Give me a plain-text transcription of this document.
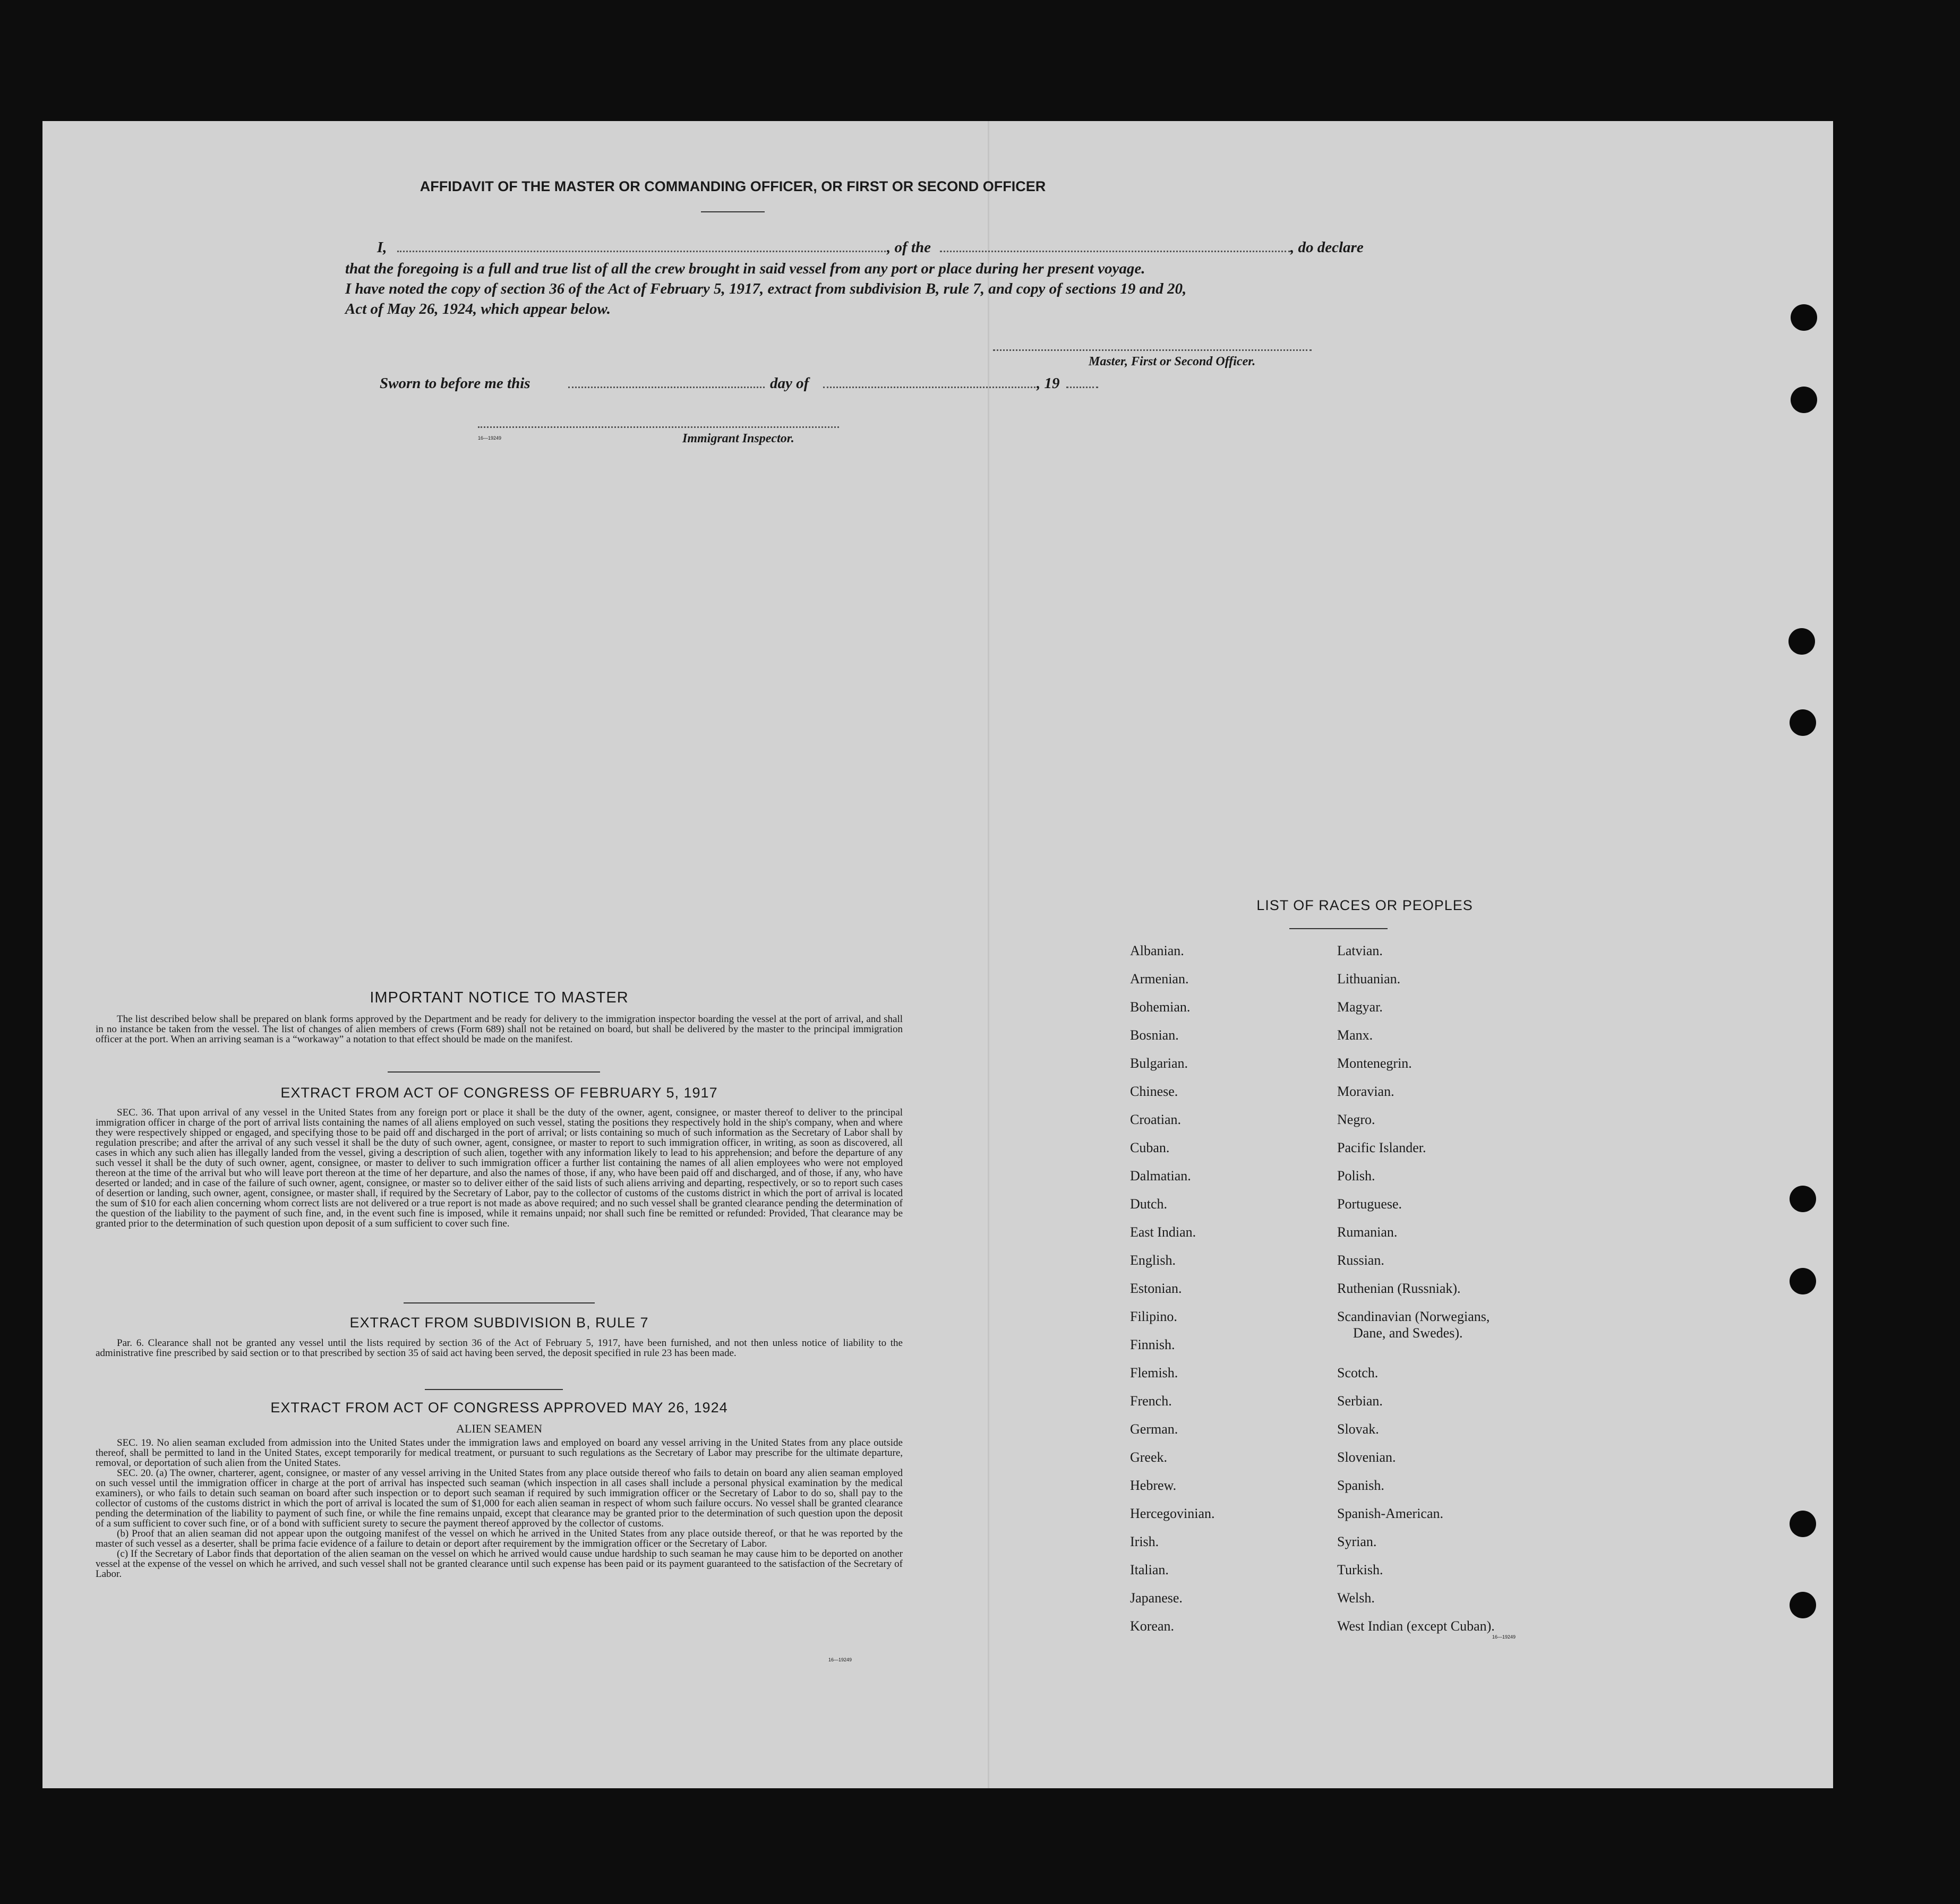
AFFIDAVIT OF THE MASTER OR COMMANDING OFFICER, OR FIRST OR SECOND OFFICER
I,	, of the	, do declare
that the foregoing is a full and true list of all the crew brought in said vessel from any port or place during her present voyage.
I have noted the copy of section 36 of the Act of February 5, 1917, extract from subdivision B, rule 7, and copy of sections 19 and 20,
Act of May 26, 1924, which appear below.
Master, First or Second Officer.
Sworn to before me this	day of	, 19
16—19249	Immigrant Inspector.
IMPORTANT NOTICE TO MASTER

The list described below shall be prepared on blank forms approved by the Department and be ready for delivery to the immigration inspector boarding the vessel at the port of arrival, and shall in no instance be taken from the vessel. The list of changes of alien members of crews (Form 689) shall not be retained on board, but shall be delivered by the master to the principal immigration officer at the port. When an arriving seaman is a “workaway” a notation to that effect should be made on the manifest.

EXTRACT FROM ACT OF CONGRESS OF FEBRUARY 5, 1917

SEC. 36. That upon arrival of any vessel in the United States from any foreign port or place it shall be the duty of the owner, agent, consignee, or master thereof to deliver to the principal immigration officer in charge of the port of arrival lists containing the names of all aliens employed on such vessel, stating the positions they respectively hold in the ship's company, when and where they were respectively shipped or engaged, and specifying those to be paid off and discharged in the port of arrival; or lists containing so much of such information as the Secretary of Labor shall by regulation prescribe; and after the arrival of any such vessel it shall be the duty of such owner, agent, consignee, or master to report to such immigration officer, in writing, as soon as discovered, all cases in which any such alien has illegally landed from the vessel, giving a description of such alien, together with any information likely to lead to his apprehension; and before the departure of any such vessel it shall be the duty of such owner, agent, consignee, or master to deliver to such immigration officer a further list containing the names of all alien employees who were not employed thereon at the time of the arrival but who will leave port thereon at the time of her departure, and also the names of those, if any, who have been paid off and discharged, and of those, if any, who have deserted or landed; and in case of the failure of such owner, agent, consignee, or master so to deliver either of the said lists of such aliens arriving and departing, respectively, or so to report such cases of desertion or landing, such owner, agent, consignee, or master shall, if required by the Secretary of Labor, pay to the collector of customs of the customs district in which the port of arrival is located the sum of $10 for each alien concerning whom correct lists are not delivered or a true report is not made as above required; and no such vessel shall be granted clearance pending the determination of the question of the liability to the payment of such fine, and, in the event such fine is imposed, while it remains unpaid; nor shall such fine be remitted or refunded: Provided, That clearance may be granted prior to the determination of such question upon deposit of a sum sufficient to cover such fine.

EXTRACT FROM SUBDIVISION B, RULE 7

Par. 6. Clearance shall not be granted any vessel until the lists required by section 36 of the Act of February 5, 1917, have been furnished, and not then unless notice of liability to the administrative fine prescribed by said section or to that prescribed by section 35 of said act having been served, the deposit specified in rule 23 has been made.

EXTRACT FROM ACT OF CONGRESS APPROVED MAY 26, 1924
ALIEN SEAMEN

SEC. 19. No alien seaman excluded from admission into the United States under the immigration laws and employed on board any vessel arriving in the United States from any place outside thereof, shall be permitted to land in the United States, except temporarily for medical treatment, or pursuant to such regulations as the Secretary of Labor may prescribe for the ultimate departure, removal, or deportation of such alien from the United States.

SEC. 20. (a) The owner, charterer, agent, consignee, or master of any vessel arriving in the United States from any place outside thereof who fails to detain on board any alien seaman employed on such vessel until the immigration officer in charge at the port of arrival has inspected such seaman (which inspection in all cases shall include a personal physical examination by the medical examiners), or who fails to detain such seaman on board after such inspection or to deport such seaman if required by such immigration officer or the Secretary of Labor to do so, shall pay to the collector of customs of the customs district in which the port of arrival is located the sum of $1,000 for each alien seaman in respect of whom such failure occurs. No vessel shall be granted clearance pending the determination of the liability to payment of such fine, or while the fine remains unpaid, except that clearance may be granted prior to the determination of such question upon the deposit of a sum sufficient to cover such fine, or of a bond with sufficient surety to secure the payment thereof approved by the collector of customs.

(b) Proof that an alien seaman did not appear upon the outgoing manifest of the vessel on which he arrived in the United States from any place outside thereof, or that he was reported by the master of such vessel as a deserter, shall be prima facie evidence of a failure to detain or deport after requirement by the immigration officer or the Secretary of Labor.

(c) If the Secretary of Labor finds that deportation of the alien seaman on the vessel on which he arrived would cause undue hardship to such seaman he may cause him to be deported on another vessel at the expense of the vessel on which he arrived, and such vessel shall not be granted clearance until such expense has been paid or its payment guaranteed to the satisfaction of the Secretary of Labor.

16—19249
LIST OF RACES OR PEOPLES
Albanian.
Armenian.
Bohemian.
Bosnian.
Bulgarian.
Chinese.
Croatian.
Cuban.
Dalmatian.
Dutch.
East Indian.
English.
Estonian.
Filipino.
Finnish.
Flemish.
French.
German.
Greek.
Hebrew.
Hercegovinian.
Irish.
Italian.
Japanese.
Korean.
Latvian.
Lithuanian.
Magyar.
Manx.
Montenegrin.
Moravian.
Negro.
Pacific Islander.
Polish.
Portuguese.
Rumanian.
Russian.
Ruthenian (Russniak).
Scandinavian (Norwegians,
Dane, and Swedes).
Scotch.
Serbian.
Slovak.
Slovenian.
Spanish.
Spanish-American.
Syrian.
Turkish.
Welsh.
West Indian (except Cuban).
16—19249
